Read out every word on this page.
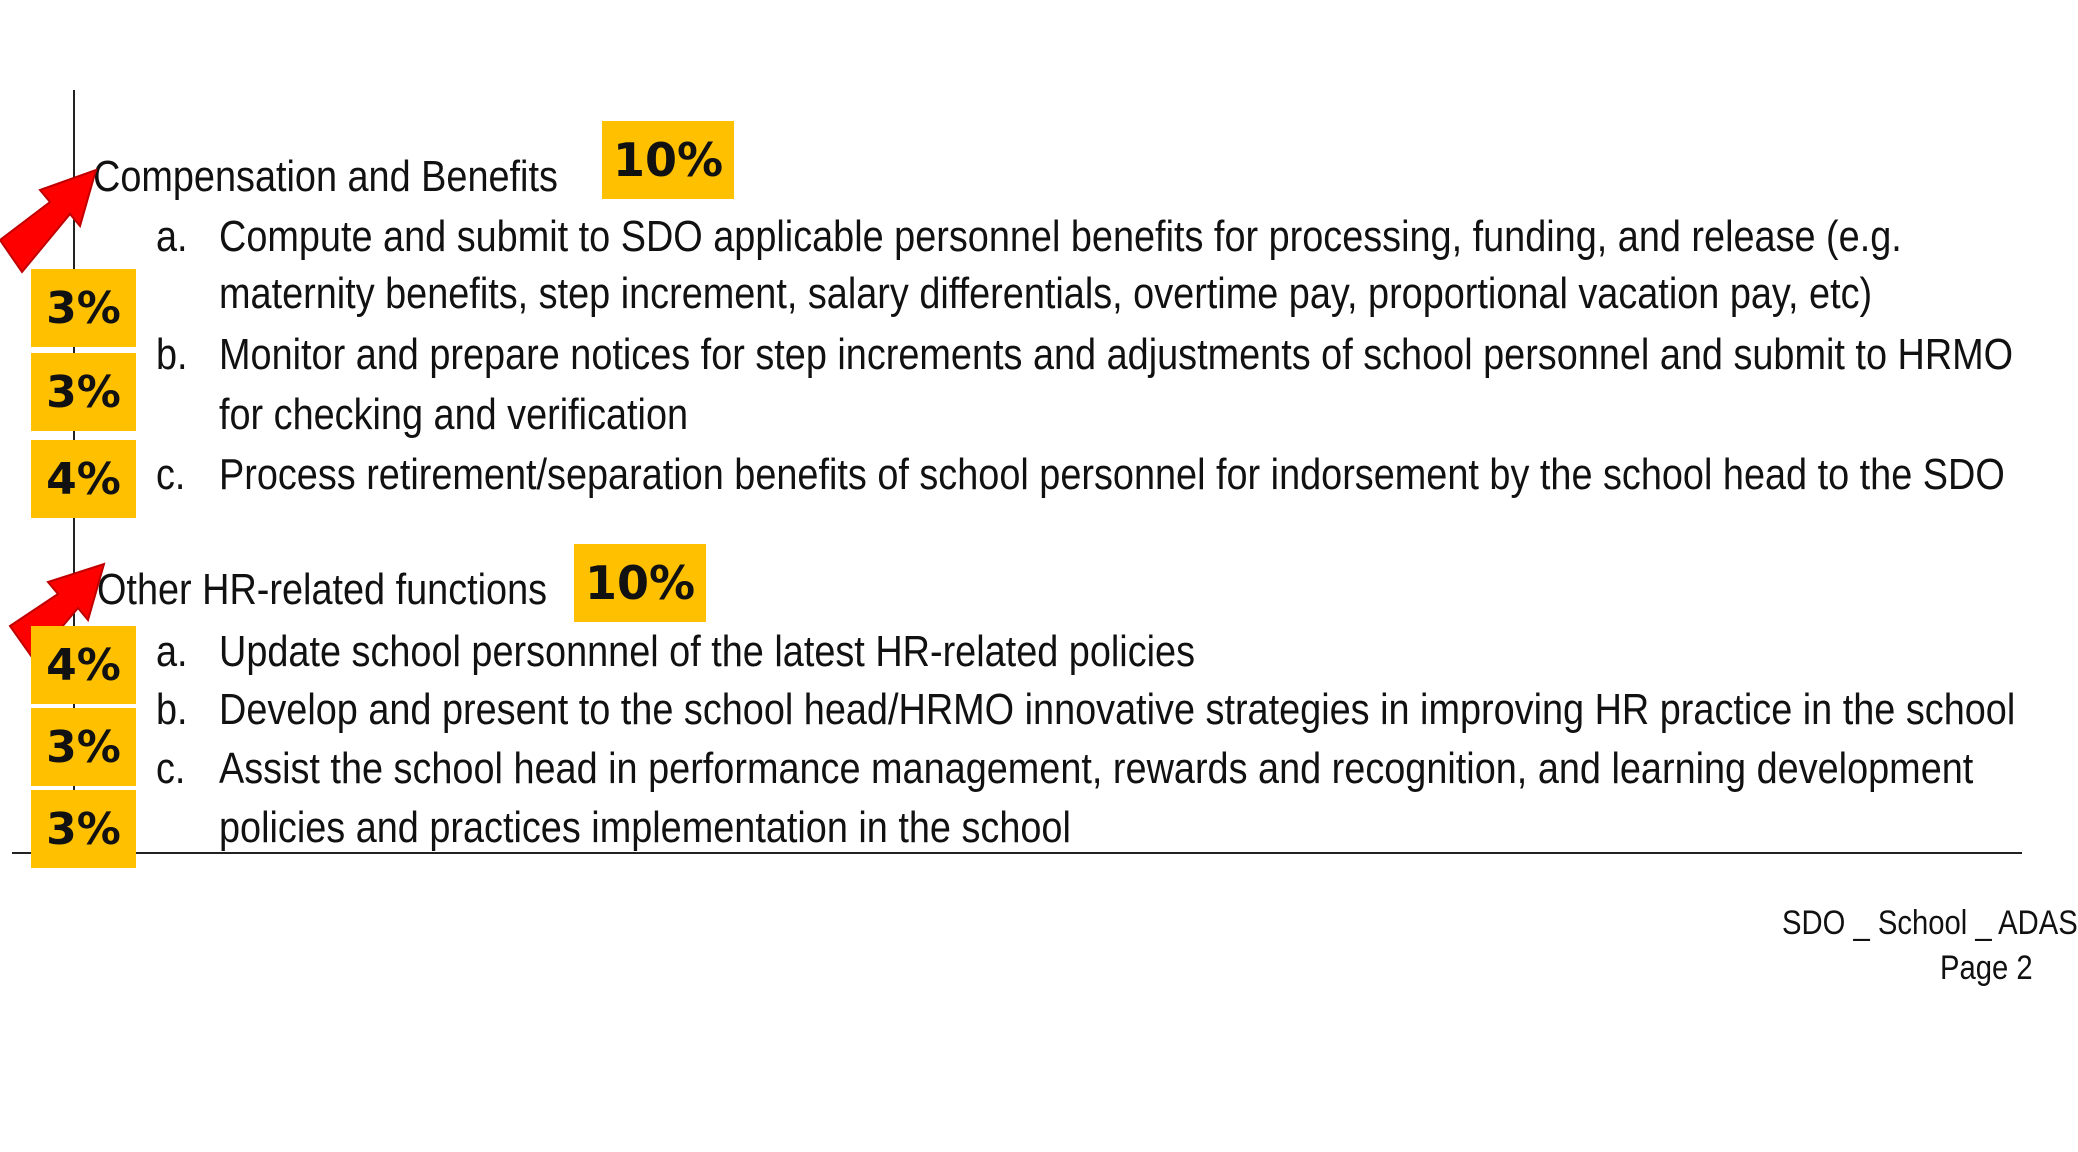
Compensation and Benefits
a. Compute and submit to SDO applicable personnel benefits for processing, funding, and release (e.g.
maternity benefits, step increment, salary differentials, overtime pay, proportional vacation pay, etc)
b. Monitor and prepare notices for step increments and adjustments of school personnel and submit to HRMO
for checking and verification
c. Process retirement/separation benefits of school personnel for indorsement by the school head to the SDO
Other HR-related functions
a. Update school personnnel of the latest HR-related policies
b. Develop and present to the school head/HRMO innovative strategies in improving HR practice in the school
c. Assist the school head in performance management, rewards and recognition, and learning development
policies and practices implementation in the school
SDO _ School _ ADAS
Page 2
10%
10%
3%
3%
4%
4%
3%
3%
